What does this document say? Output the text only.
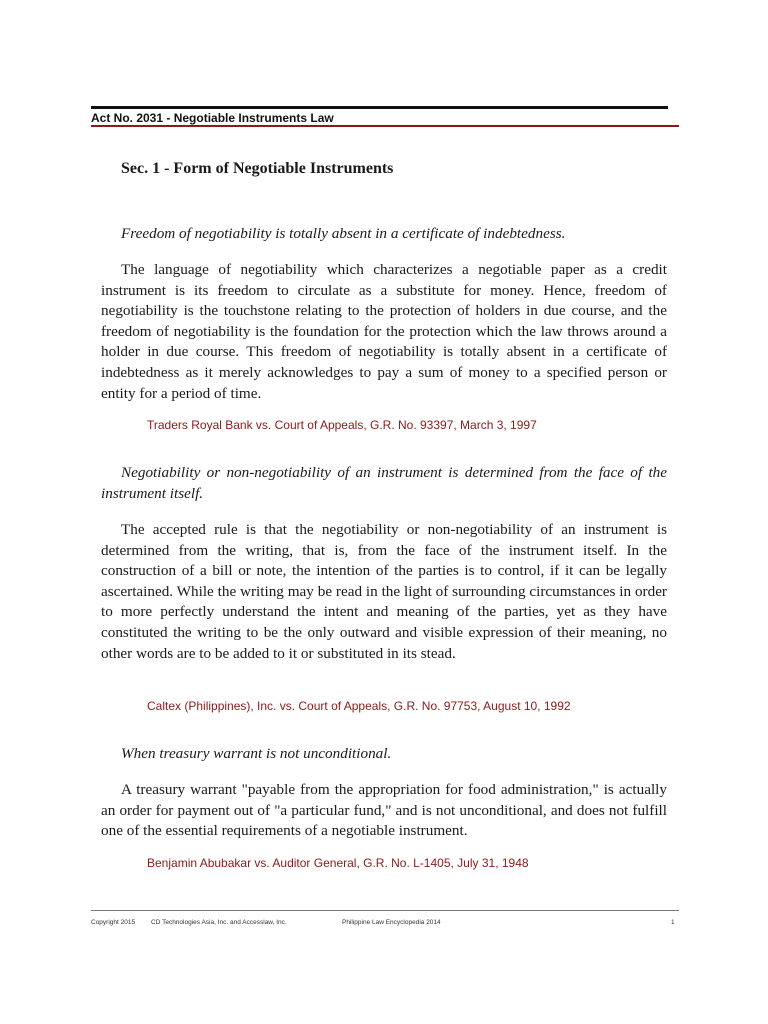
Act No. 2031 - Negotiable Instruments Law
Sec. 1 - Form of Negotiable Instruments
Freedom of negotiability is totally absent in a certificate of indebtedness.
The language of negotiability which characterizes a negotiable paper as a credit instrument is its freedom to circulate as a substitute for money. Hence, freedom of negotiability is the touchstone relating to the protection of holders in due course, and the freedom of negotiability is the foundation for the protection which the law throws around a holder in due course. This freedom of negotiability is totally absent in a certificate of indebtedness as it merely acknowledges to pay a sum of money to a specified person or entity for a period of time.
Traders Royal Bank vs. Court of Appeals, G.R. No. 93397, March 3, 1997
Negotiability or non-negotiability of an instrument is determined from the face of the instrument itself.
The accepted rule is that the negotiability or non-negotiability of an instrument is determined from the writing, that is, from the face of the instrument itself. In the construction of a bill or note, the intention of the parties is to control, if it can be legally ascertained. While the writing may be read in the light of surrounding circumstances in order to more perfectly understand the intent and meaning of the parties, yet as they have constituted the writing to be the only outward and visible expression of their meaning, no other words are to be added to it or substituted in its stead.
Caltex (Philippines), Inc. vs. Court of Appeals, G.R. No. 97753, August 10, 1992
When treasury warrant is not unconditional.
A treasury warrant "payable from the appropriation for food administration," is actually an order for payment out of "a particular fund," and is not unconditional, and does not fulfill one of the essential requirements of a negotiable instrument.
Benjamin Abubakar vs. Auditor General, G.R. No. L-1405, July 31, 1948
Copyright 2015 CD Technologies Asia, Inc. and Accesslaw, Inc.	Philippine Law Encyclopedia 2014	1
